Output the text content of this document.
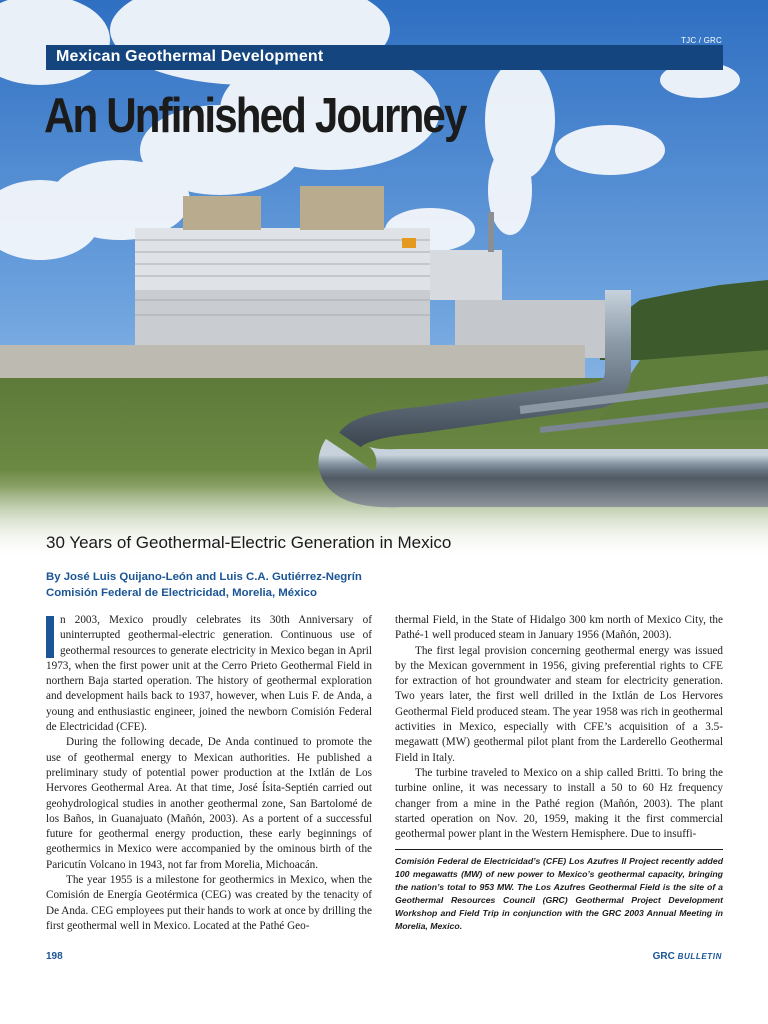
TJC / GRC
Mexican Geothermal Development
An Unfinished Journey
30 Years of Geothermal-Electric Generation in Mexico
By José Luis Quijano-León and Luis C.A. Gutiérrez-Negrín
Comisión Federal de Electricidad, Morelia, México

n 2003, Mexico proudly celebrates its 30th Anniversary of uninterrupted geothermal-electric generation. Continuous use of geothermal resources to generate electricity in Mexico began in April 1973, when the first power unit at the Cerro Prieto Geothermal Field in northern Baja started operation. The history of geothermal exploration and development hails back to 1937, however, when Luis F. de Anda, a young and enthusiastic engineer, joined the newborn Comisión Federal de Electricidad (CFE).

During the following decade, De Anda continued to promote the use of geothermal energy to Mexican authorities. He published a preliminary study of potential power production at the Ixtlán de Los Hervores Geothermal Area. At that time, José Ísita-Septién carried out geohydrological studies in another geothermal zone, San Bartolomé de los Baños, in Guanajuato (Mañón, 2003). As a portent of a successful future for geothermal energy production, these early beginnings of geothermics in Mexico were accompanied by the ominous birth of the Paricutín Volcano in 1943, not far from Morelia, Michoacán.

The year 1955 is a milestone for geothermics in Mexico, when the Comisión de Energía Geotérmica (CEG) was created by the tenacity of De Anda. CEG employees put their hands to work at once by drilling the first geothermal well in Mexico. Located at the Pathé Geo-

thermal Field, in the State of Hidalgo 300 km north of Mexico City, the Pathé-1 well produced steam in January 1956 (Mañón, 2003).

The first legal provision concerning geothermal energy was issued by the Mexican government in 1956, giving preferential rights to CFE for extraction of hot groundwater and steam for electricity generation. Two years later, the first well drilled in the Ixtlán de Los Hervores Geothermal Field produced steam. The year 1958 was rich in geothermal activities in Mexico, especially with CFE’s acquisition of a 3.5-megawatt (MW) geothermal pilot plant from the Larderello Geothermal Field in Italy.

The turbine traveled to Mexico on a ship called Britti. To bring the turbine online, it was necessary to install a 50 to 60 Hz frequency changer from a mine in the Pathé region (Mañón, 2003). The plant started operation on Nov. 20, 1959, making it the first commercial geothermal power plant in the Western Hemisphere. Due to insuffi-

Comisión Federal de Electricidad’s (CFE) Los Azufres II Project recently added 100 megawatts (MW) of new power to Mexico’s geothermal capacity, bringing the nation’s total to 953 MW. The Los Azufres Geothermal Field is the site of a Geothermal Resources Council (GRC) Geothermal Project Development Workshop and Field Trip in conjunction with the GRC 2003 Annual Meeting in Morelia, Mexico.
198	GRC BULLETIN
